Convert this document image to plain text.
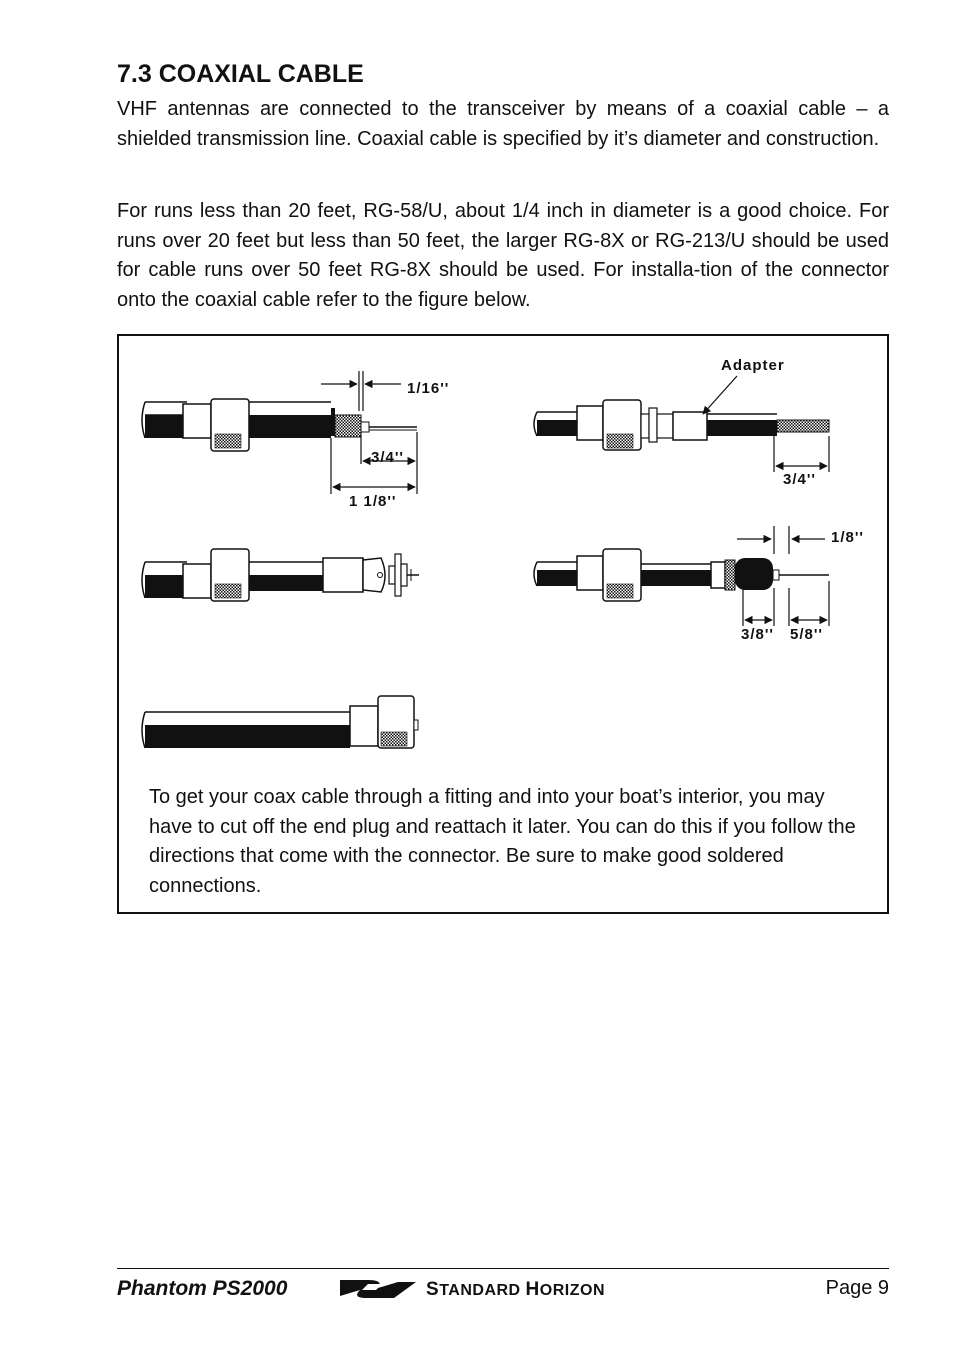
7.3 COAXIAL CABLE

VHF antennas are connected to the transceiver by means of a coaxial cable – a shielded transmission line. Coaxial cable is specified by it’s diameter and construction.

For runs less than 20 feet, RG-58/U, about 1/4 inch in diameter is a good choice. For runs over 20 feet but less than 50 feet, the larger RG-8X or RG-213/U should be used for cable runs over 50 feet RG-8X should be used. For installa-tion of the connector onto the coaxial cable refer to the figure below.

1/16''
3/4''
1 1/8''
Adapter
3/4''
1/8''
3/8'' 5/8''

To get your coax cable through a fitting and into your boat’s interior, you may have to cut off the end plug and reattach it later. You can do this if you follow the directions that come with the connector. Be sure to make good soldered connections.

Phantom PS2000	STANDARD HORIZON	Page 9
